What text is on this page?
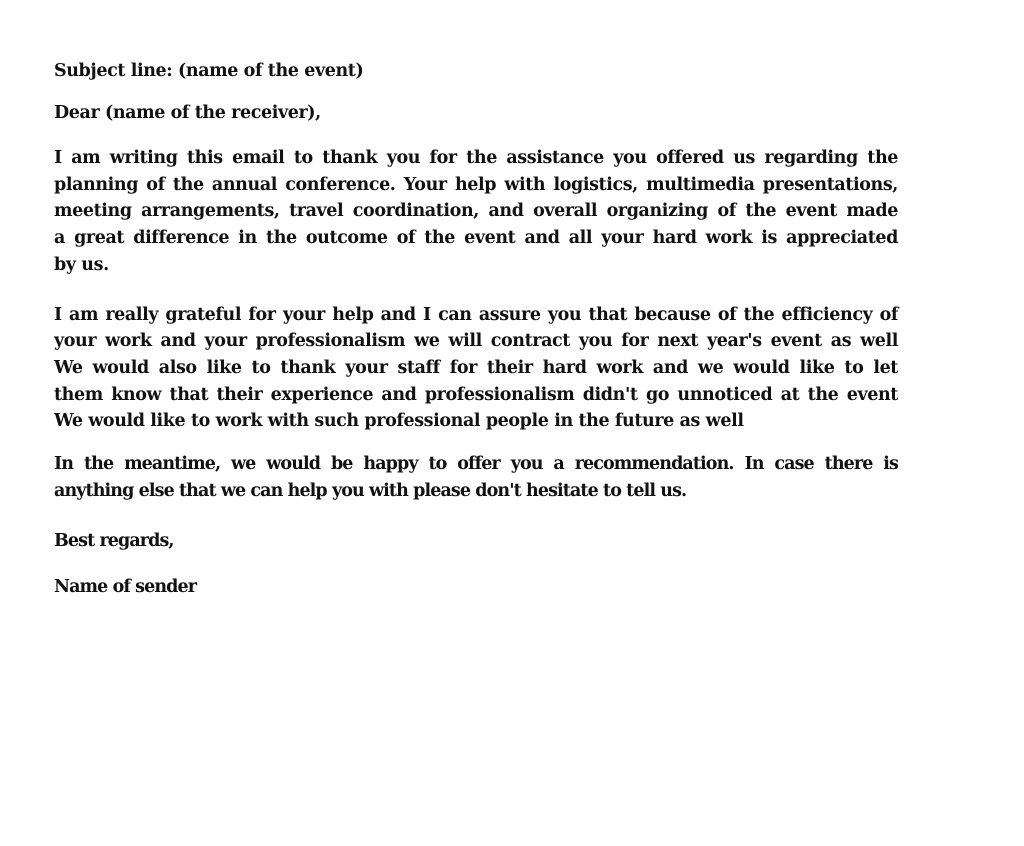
Subject line: (name of the event)

Dear (name of the receiver),

I am writing this email to thank you for the assistance you offered us regarding the
planning of the annual conference. Your help with logistics, multimedia presentations,
meeting arrangements, travel coordination, and overall organizing of the event made
a great difference in the outcome of the event and all your hard work is appreciated
by us.

I am really grateful for your help and I can assure you that because of the efficiency of
your work and your professionalism we will contract you for next year's event as well
We would also like to thank your staff for their hard work and we would like to let
them know that their experience and professionalism didn't go unnoticed at the event
We would like to work with such professional people in the future as well

In the meantime, we would be happy to offer you a recommendation. In case there is
anything else that we can help you with please don't hesitate to tell us.

Best regards,

Name of sender
